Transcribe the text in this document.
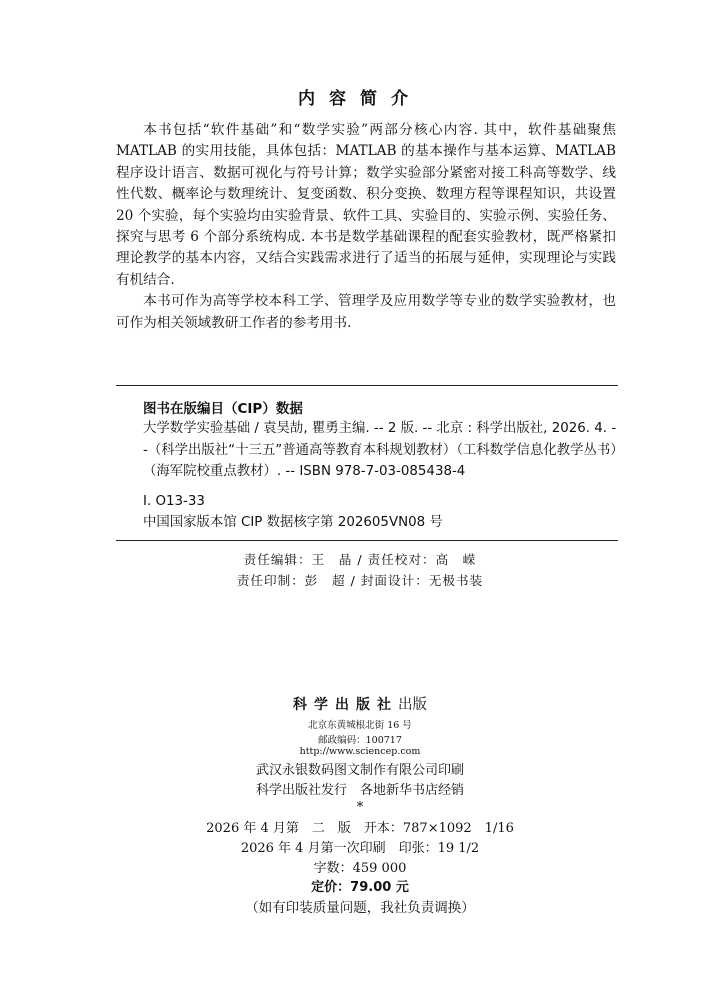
内容简介

本书包括“软件基础”和“数学实验”两部分核心内容. 其中，软件基础聚焦 MATLAB 的实用技能，具体包括：MATLAB 的基本操作与基本运算、MATLAB 程序设计语言、数据可视化与符号计算；数学实验部分紧密对接工科高等数学、线性代数、概率论与数理统计、复变函数、积分变换、数理方程等课程知识，共设置 20 个实验，每个实验均由实验背景、软件工具、实验目的、实验示例、实验任务、探究与思考 6 个部分系统构成. 本书是数学基础课程的配套实验教材，既严格紧扣理论教学的基本内容，又结合实践需求进行了适当的拓展与延伸，实现理论与实践有机结合.

本书可作为高等学校本科工学、管理学及应用数学等专业的数学实验教材，也可作为相关领域教研工作者的参考用书.

图书在版编目（CIP）数据

大学数学实验基础 / 袁昊劼, 瞿勇主编. -- 2 版. -- 北京 : 科学出版社, 2026. 4. --（科学出版社“十三五”普通高等教育本科规划教材）（工科数学信息化教学丛书）（海军院校重点教材）. -- ISBN 978-7-03-085438-4

Ⅰ. O13-33

中国国家版本馆 CIP 数据核字第 202605VN08 号

责任编辑：王　晶 / 责任校对：高　嵘
责任印制：彭　超 / 封面设计：无极书装
科学出版社出版
北京东黄城根北街 16 号
邮政编码：100717
http://www.sciencep.com
武汉永银数码图文制作有限公司印刷
科学出版社发行　各地新华书店经销
*
2026 年 4 月第　二　版　开本：787×1092　1/16
2026 年 4 月第一次印刷　印张：19 1/2
字数：459 000
定价：79.00 元
（如有印装质量问题，我社负责调换）
